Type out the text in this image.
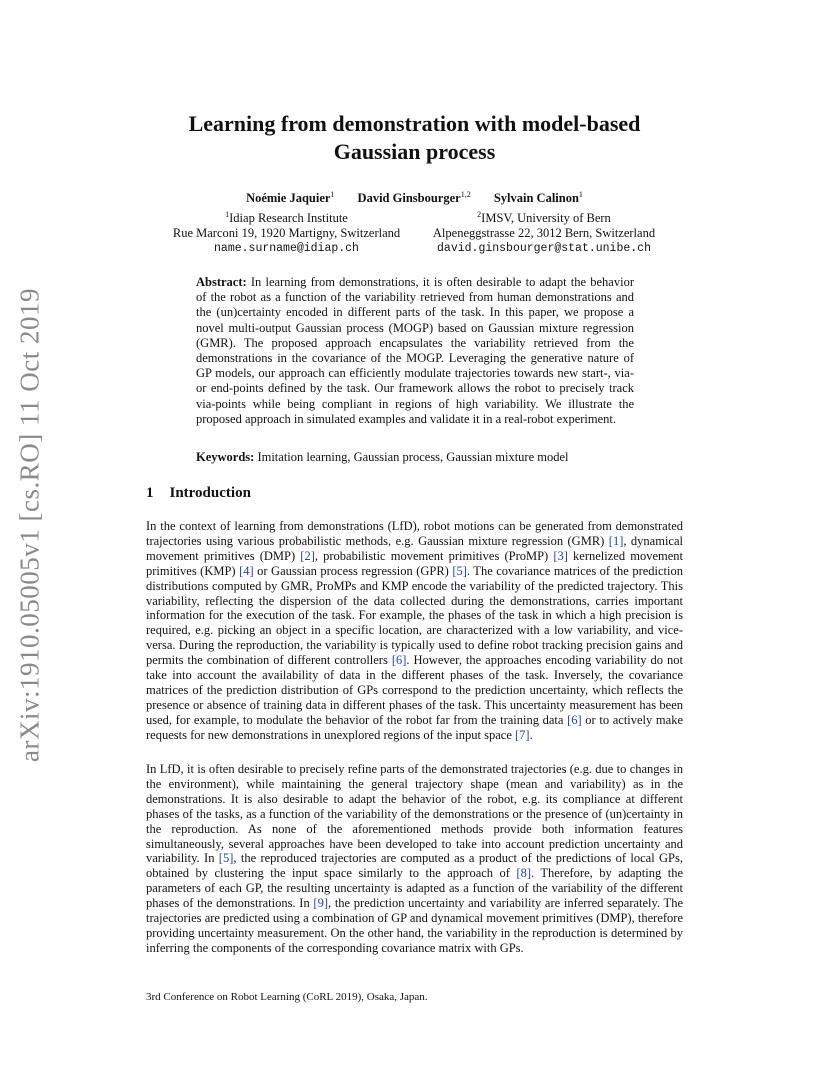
arXiv:1910.05005v1 [cs.RO] 11 Oct 2019
Learning from demonstration with model-based
Gaussian process
Noémie Jaquier$^1$ David Ginsbourger$^{1,2}$ Sylvain Calinon$^1$
$^1$Idiap Research Institute
Rue Marconi 19, 1920 Martigny, Switzerland
name.surname@idiap.ch
$^2$IMSV, University of Bern
Alpeneggstrasse 22, 3012 Bern, Switzerland
david.ginsbourger@stat.unibe.ch
Abstract: In learning from demonstrations, it is often desirable to adapt the behavior of the robot as a function of the variability retrieved from human demonstrations and the (un)certainty encoded in different parts of the task. In this paper, we propose a novel multi-output Gaussian process (MOGP) based on Gaussian mixture regression (GMR). The proposed approach encapsulates the variability retrieved from the demonstrations in the covariance of the MOGP. Leveraging the generative nature of GP models, our approach can efficiently modulate trajectories towards new start-, via- or end-points defined by the task. Our framework allows the robot to precisely track via-points while being compliant in regions of high variability. We illustrate the proposed approach in simulated examples and validate it in a real-robot experiment.
Keywords: Imitation learning, Gaussian process, Gaussian mixture model
1 Introduction
In the context of learning from demonstrations (LfD), robot motions can be generated from demonstrated trajectories using various probabilistic methods, e.g. Gaussian mixture regression (GMR) [1], dynamical movement primitives (DMP) [2], probabilistic movement primitives (ProMP) [3] kernelized movement primitives (KMP) [4] or Gaussian process regression (GPR) [5]. The covariance matrices of the prediction distributions computed by GMR, ProMPs and KMP encode the variability of the predicted trajectory. This variability, reflecting the dispersion of the data collected during the demonstrations, carries important information for the execution of the task. For example, the phases of the task in which a high precision is required, e.g. picking an object in a specific location, are characterized with a low variability, and vice-versa. During the reproduction, the variability is typically used to define robot tracking precision gains and permits the combination of different controllers [6]. However, the approaches encoding variability do not take into account the availability of data in the different phases of the task. Inversely, the covariance matrices of the prediction distribution of GPs correspond to the prediction uncertainty, which reflects the presence or absence of training data in different phases of the task. This uncertainty measurement has been used, for example, to modulate the behavior of the robot far from the training data [6] or to actively make requests for new demonstrations in unexplored regions of the input space [7].
In LfD, it is often desirable to precisely refine parts of the demonstrated trajectories (e.g. due to changes in the environment), while maintaining the general trajectory shape (mean and variability) as in the demonstrations. It is also desirable to adapt the behavior of the robot, e.g. its compliance at different phases of the tasks, as a function of the variability of the demonstrations or the presence of (un)certainty in the reproduction. As none of the aforementioned methods provide both information features simultaneously, several approaches have been developed to take into account prediction uncertainty and variability. In [5], the reproduced trajectories are computed as a product of the predictions of local GPs, obtained by clustering the input space similarly to the approach of [8]. Therefore, by adapting the parameters of each GP, the resulting uncertainty is adapted as a function of the variability of the different phases of the demonstrations. In [9], the prediction uncertainty and variability are inferred separately. The trajectories are predicted using a combination of GP and dynamical movement primitives (DMP), therefore providing uncertainty measurement. On the other hand, the variability in the reproduction is determined by inferring the components of the corresponding covariance matrix with GPs.
3rd Conference on Robot Learning (CoRL 2019), Osaka, Japan.
